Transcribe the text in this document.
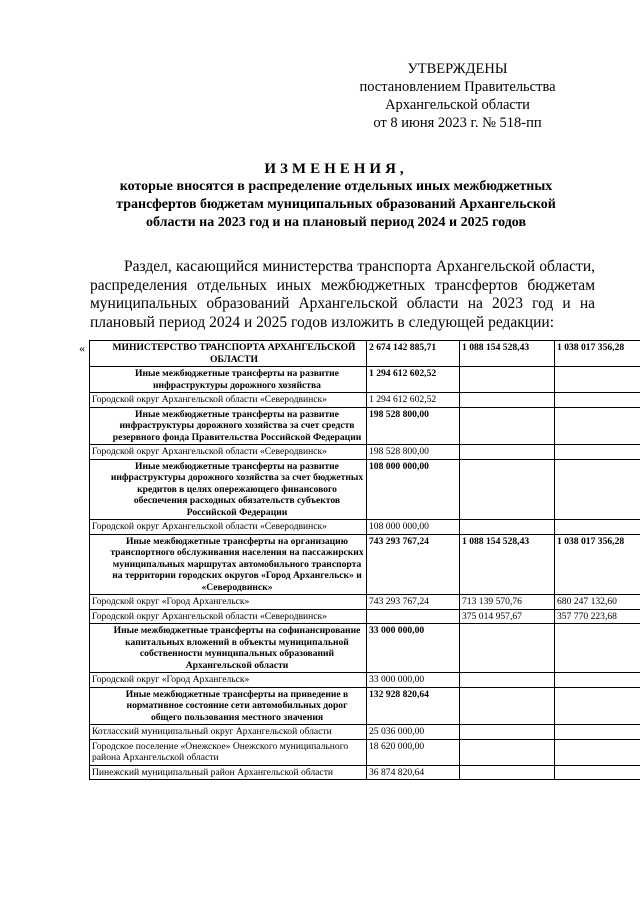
УТВЕРЖДЕНЫ
постановлением Правительства
Архангельской области
от 8 июня 2023 г. № 518-пп
ИЗМЕНЕНИЯ,
которые вносятся в распределение отдельных иных межбюджетных
трансфертов бюджетам муниципальных образований Архангельской
области на 2023 год и на плановый период 2024 и 2025 годов

Раздел, касающийся министерства транспорта Архангельской области, распределения отдельных иных межбюджетных трансфертов бюджетам муниципальных образований Архангельской области на 2023 год и на плановый период 2024 и 2025 годов изложить в следующей редакции:

«	МИНИСТЕРСТВО ТРАНСПОРТА АРХАНГЕЛЬСКОЙ ОБЛАСТИ	2 674 142 885,71	1 088 154 528,43	1 038 017 356,28
Иные межбюджетные трансферты на развитие инфраструктуры дорожного хозяйства	1 294 612 602,52		
Городской округ Архангельской области «Северодвинск»	1 294 612 602,52		
Иные межбюджетные трансферты на развитие инфраструктуры дорожного хозяйства за счет средств резервного фонда Правительства Российской Федерации	198 528 800,00		
Городской округ Архангельской области «Северодвинск»	198 528 800,00		
Иные межбюджетные трансферты на развитие инфраструктуры дорожного хозяйства за счет бюджетных кредитов в целях опережающего финансового обеспечения расходных обязательств субъектов Российской Федерации	108 000 000,00		
Городской округ Архангельской области «Северодвинск»	108 000 000,00		
Иные межбюджетные трансферты на организацию транспортного обслуживания населения на пассажирских муниципальных маршрутах автомобильного транспорта на территории городских округов «Город Архангельск» и «Северодвинск»	743 293 767,24	1 088 154 528,43	1 038 017 356,28
Городской округ «Город Архангельск»	743 293 767,24	713 139 570,76	680 247 132,60
Городской округ Архангельской области «Северодвинск»		375 014 957,67	357 770 223,68
Иные межбюджетные трансферты на софинансирование капитальных вложений в объекты муниципальной собственности муниципальных образований Архангельской области	33 000 000,00		
Городской округ «Город Архангельск»	33 000 000,00		
Иные межбюджетные трансферты на приведение в нормативное состояние сети автомобильных дорог общего пользования местного значения	132 928 820,64		
Котласский муниципальный округ Архангельской области	25 036 000,00		
Городское поселение «Онежское» Онежского муниципального района Архангельской области	18 620 000,00		
Пинежский муниципальный район Архангельской области	36 874 820,64		
